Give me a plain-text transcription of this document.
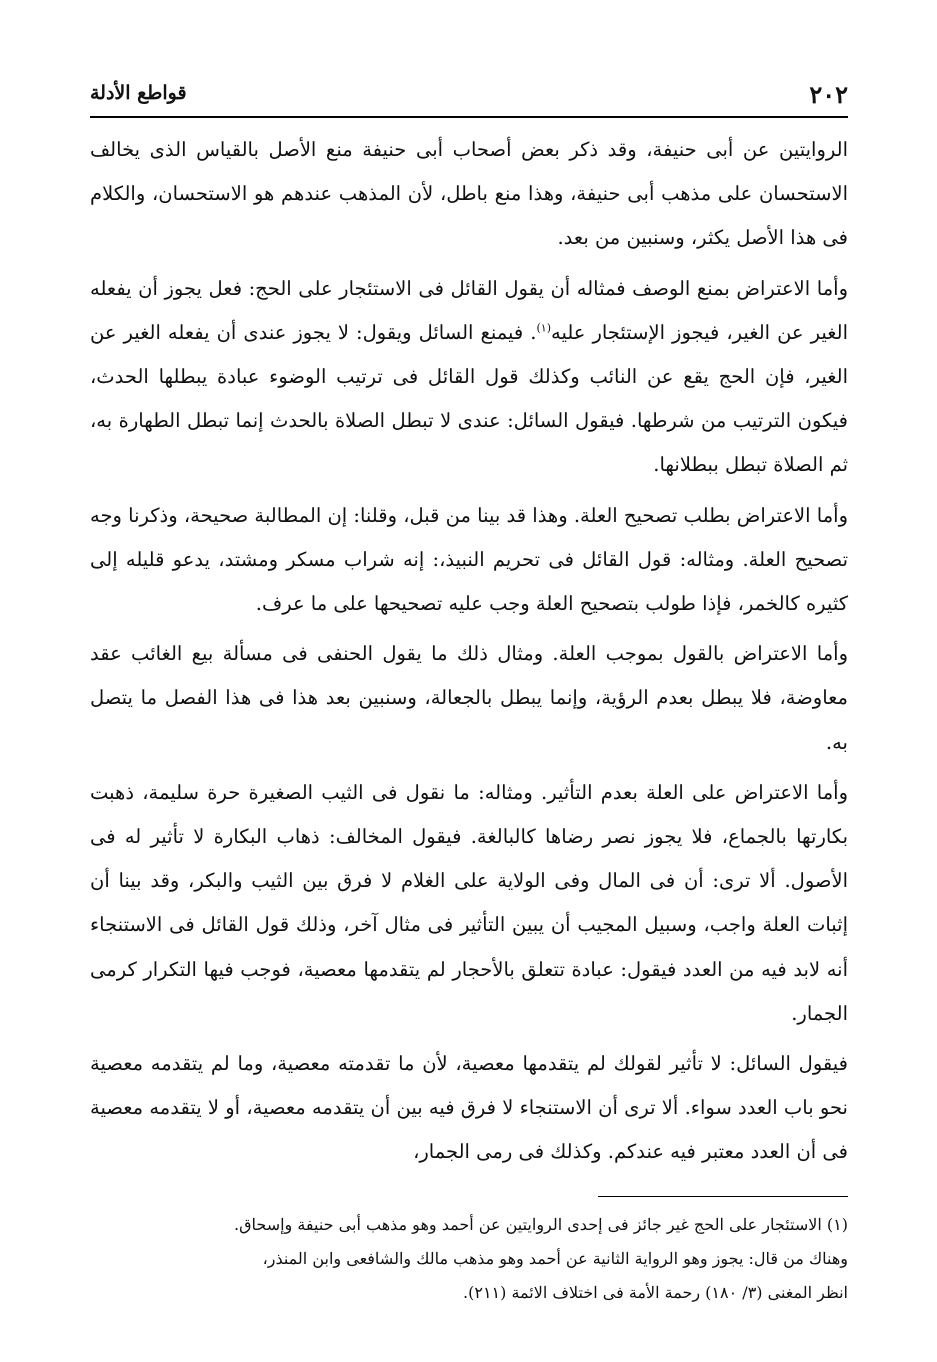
٢٠٢
قواطع الأدلة

الروايتين عن أبى حنيفة، وقد ذكر بعض أصحاب أبى حنيفة منع الأصل بالقياس الذى يخالف الاستحسان على مذهب أبى حنيفة، وهذا منع باطل، لأن المذهب عندهم هو الاستحسان، والكلام فى هذا الأصل يكثر، وسنبين من بعد.

وأما الاعتراض بمنع الوصف فمثاله أن يقول القائل فى الاستئجار على الحج: فعل يجوز أن يفعله الغير عن الغير، فيجوز الإستئجار عليه$^{(١)}$. فيمنع السائل ويقول: لا يجوز عندى أن يفعله الغير عن الغير، فإن الحج يقع عن النائب وكذلك قول القائل فى ترتيب الوضوء عبادة يبطلها الحدث، فيكون الترتيب من شرطها. فيقول السائل: عندى لا تبطل الصلاة بالحدث إنما تبطل الطهارة به، ثم الصلاة تبطل ببطلانها.

وأما الاعتراض بطلب تصحيح العلة. وهذا قد بينا من قبل، وقلنا: إن المطالبة صحيحة، وذكرنا وجه تصحيح العلة. ومثاله: قول القائل فى تحريم النبيذ،: إنه شراب مسكر ومشتد، يدعو قليله إلى كثيره كالخمر، فإذا طولب بتصحيح العلة وجب عليه تصحيحها على ما عرف.

وأما الاعتراض بالقول بموجب العلة. ومثال ذلك ما يقول الحنفى فى مسألة بيع الغائب عقد معاوضة، فلا يبطل بعدم الرؤية، وإنما يبطل بالجعالة، وسنبين بعد هذا فى هذا الفصل ما يتصل به.

وأما الاعتراض على العلة بعدم التأثير. ومثاله: ما نقول فى الثيب الصغيرة حرة سليمة، ذهبت بكارتها بالجماع، فلا يجوز نصر رضاها كالبالغة. فيقول المخالف: ذهاب البكارة لا تأثير له فى الأصول. ألا ترى: أن فى المال وفى الولاية على الغلام لا فرق بين الثيب والبكر، وقد بينا أن إثبات العلة واجب، وسبيل المجيب أن يبين التأثير فى مثال آخر، وذلك قول القائل فى الاستنجاء أنه لابد فيه من العدد فيقول: عبادة تتعلق بالأحجار لم يتقدمها معصية، فوجب فيها التكرار كرمى الجمار.

فيقول السائل: لا تأثير لقولك لم يتقدمها معصية، لأن ما تقدمته معصية، وما لم يتقدمه معصية نحو باب العدد سواء. ألا ترى أن الاستنجاء لا فرق فيه بين أن يتقدمه معصية، أو لا يتقدمه معصية فى أن العدد معتبر فيه عندكم. وكذلك فى رمى الجمار،

(١) الاستئجار على الحج غير جائز فى إحدى الروايتين عن أحمد وهو مذهب أبى حنيفة وإسحاق.

وهناك من قال: يجوز وهو الرواية الثانية عن أحمد وهو مذهب مالك والشافعى وابن المنذر،

انظر المغنى (٣/ ١٨٠) رحمة الأمة فى اختلاف الائمة (٢١١).
